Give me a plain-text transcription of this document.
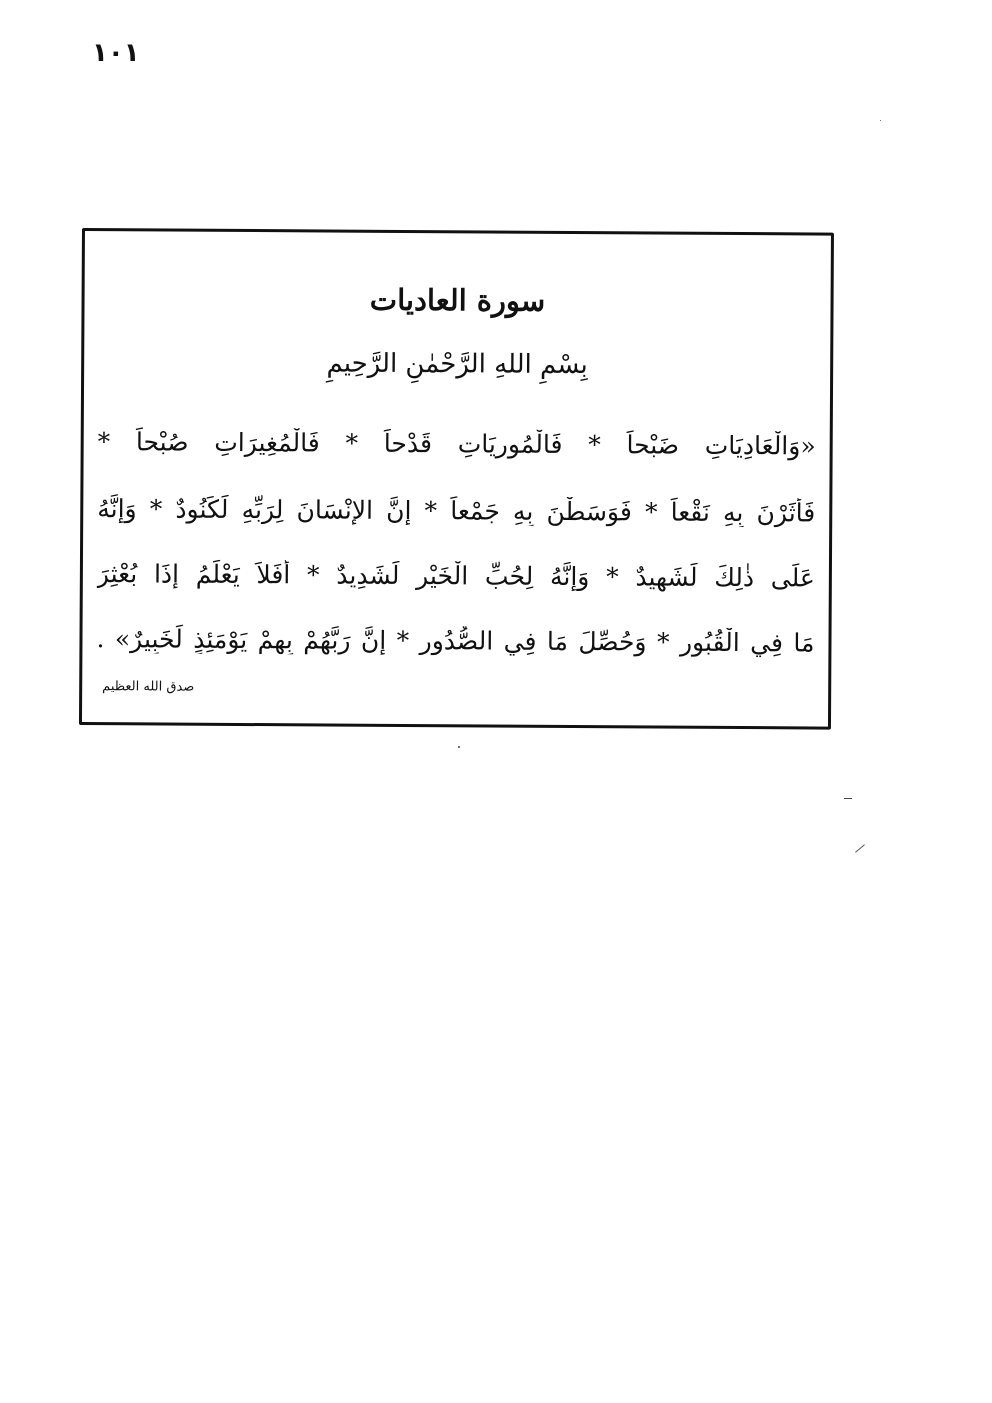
١٠١
سورة العاديات
بِسْمِ اللهِ الرَّحْمٰنِ الرَّحِيمِ
«وَالْعَادِيَاتِ ضَبْحاً * فَالْمُورِيَاتِ قَدْحاً * فَالْمُغِيرَاتِ صُبْحاً *
فَأَثَرْنَ بِهِ نَقْعاً * فَوَسَطْنَ بِهِ جَمْعاً * إِنَّ الإِنْسَانَ لِرَبِّهِ لَكَنُودٌ * وَإِنَّهُ
عَلَى ذٰلِكَ لَشَهِيدٌ * وَإِنَّهُ لِحُبِّ الْخَيْرِ لَشَدِيدٌ * أَفَلاَ يَعْلَمُ إِذَا بُعْثِرَ
مَا فِي الْقُبُورِ * وَحُصِّلَ مَا فِي الصُّدُورِ * إِنَّ رَبَّهُمْ بِهِمْ يَوْمَئِذٍ لَخَبِيرٌ» .
صدق الله العظيم
